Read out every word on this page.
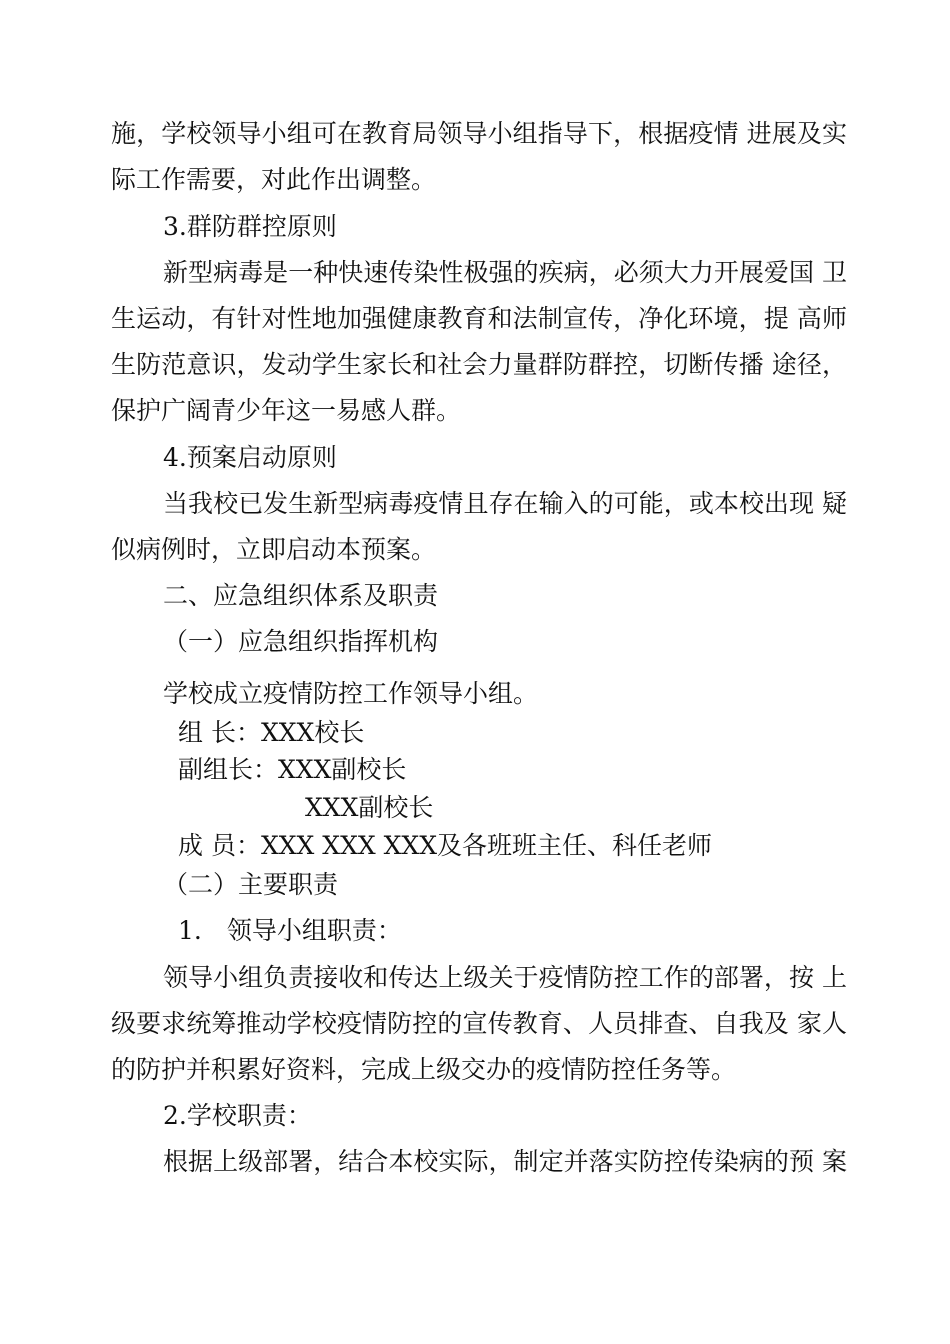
施，学校领导小组可在教育局领导小组指导下，根据疫情 进展及实

际工作需要，对此作出调整。

3.群防群控原则

新型病毒是一种快速传染性极强的疾病，必须大力开展爱国 卫

生运动，有针对性地加强健康教育和法制宣传，净化环境，提 高师

生防范意识，发动学生家长和社会力量群防群控，切断传播 途径，

保护广阔青少年这一易感人群。

4.预案启动原则

当我校已发生新型病毒疫情且存在输入的可能，或本校出现 疑

似病例时，立即启动本预案。

二、应急组织体系及职责

（一）应急组织指挥机构

学校成立疫情防控工作领导小组。

组 长：XXX校长

副组长：XXX副校长

XXX副校长

成 员：XXX XXX XXX及各班班主任、科任老师

（二）主要职责

1.　领导小组职责：

领导小组负责接收和传达上级关于疫情防控工作的部署，按 上

级要求统筹推动学校疫情防控的宣传教育、人员排查、自我及 家人

的防护并积累好资料，完成上级交办的疫情防控任务等。

2.学校职责：

根据上级部署，结合本校实际，制定并落实防控传染病的预 案
